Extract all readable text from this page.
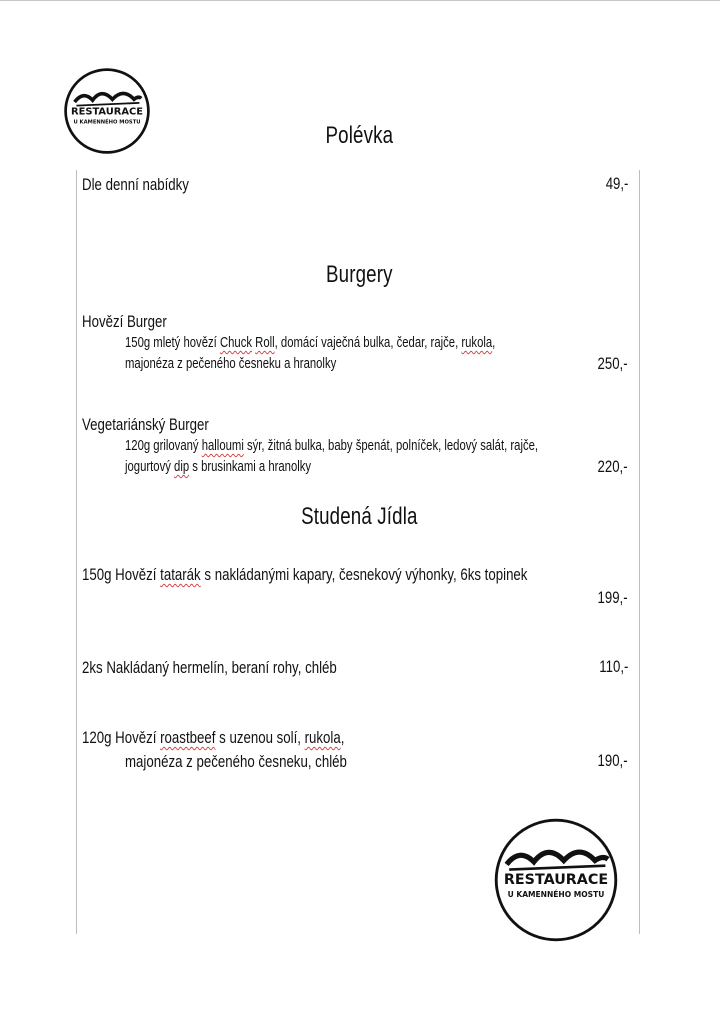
RESTAURACE
U KAMENNÉHO MOSTU	Polévka
Dle denní nabídky	49,-
Burgery
Hovězí Burger
150g mletý hovězí Chuck Roll, domácí vaječná bulka, čedar, rajče, rukola,
majonéza z pečeného česneku a hranolky	250,-
Vegetariánský Burger
120g grilovaný halloumi sýr, žitná bulka, baby špenát, polníček, ledový salát, rajče,
jogurtový dip s brusinkami a hranolky	220,-
Studená Jídla
150g Hovězí tatarák s nakládanými kapary, česnekový výhonky, 6ks topinek
199,-
2ks Nakládaný hermelín, beraní rohy, chléb	110,-
120g Hovězí roastbeef s uzenou solí, rukola,
majonéza z pečeného česneku, chléb	190,-
RESTAURACE
U KAMENNÉHO MOSTU
